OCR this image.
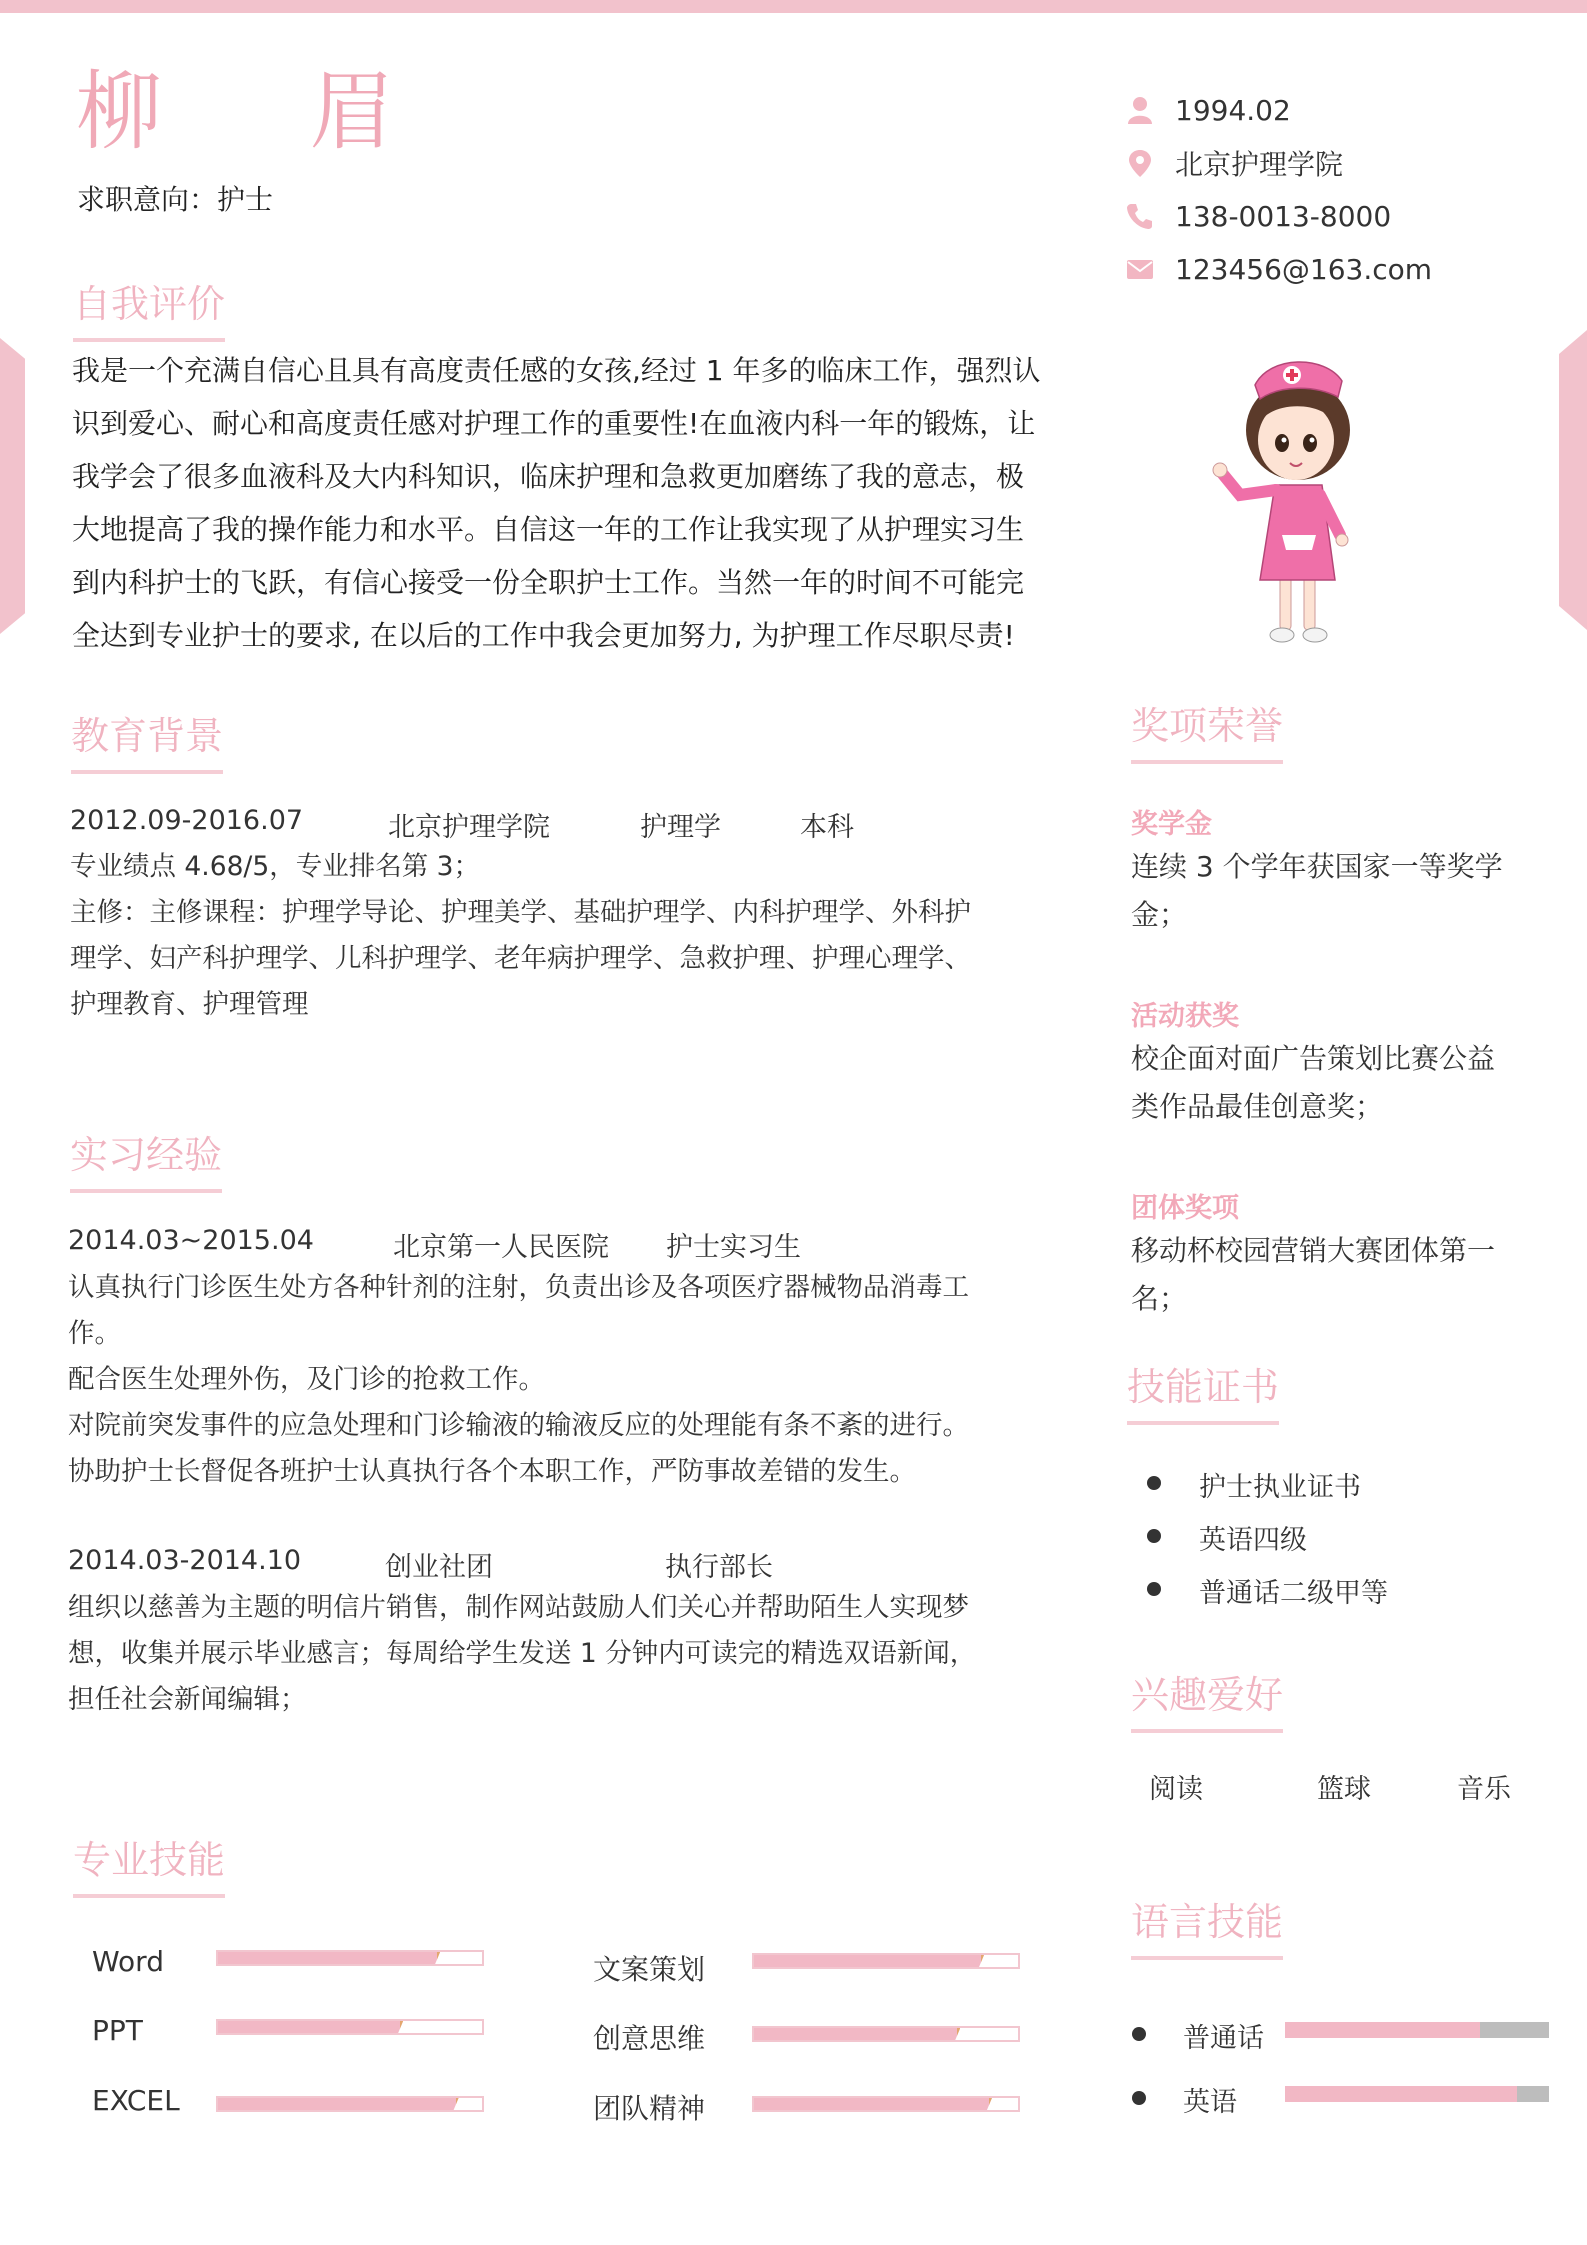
柳 眉
求职意向：护士
1994.02
北京护理学院
138-0013-8000
123456@163.com
自我评价
我是一个充满自信心且具有高度责任感的女孩,经过 1 年多的临床工作，强烈认
识到爱心、耐心和高度责任感对护理工作的重要性!在血液内科一年的锻炼，让
我学会了很多血液科及大内科知识，临床护理和急救更加磨练了我的意志，极
大地提高了我的操作能力和水平。自信这一年的工作让我实现了从护理实习生
到内科护士的飞跃，有信心接受一份全职护士工作。当然一年的时间不可能完
全达到专业护士的要求, 在以后的工作中我会更加努力, 为护理工作尽职尽责!
教育背景
2012.09-2016.07	北京护理学院	护理学	本科
专业绩点 4.68/5，专业排名第 3；
主修：主修课程：护理学导论、护理美学、基础护理学、内科护理学、外科护
理学、妇产科护理学、儿科护理学、老年病护理学、急救护理、护理心理学、
护理教育、护理管理
实习经验
2014.03~2015.04	北京第一人民医院 护士实习生
认真执行门诊医生处方各种针剂的注射，负责出诊及各项医疗器械物品消毒工
作。
配合医生处理外伤，及门诊的抢救工作。
对院前突发事件的应急处理和门诊输液的输液反应的处理能有条不紊的进行。
协助护士长督促各班护士认真执行各个本职工作，严防事故差错的发生。
2014.03-2014.10	创业社团	执行部长
组织以慈善为主题的明信片销售，制作网站鼓励人们关心并帮助陌生人实现梦
想，收集并展示毕业感言；每周给学生发送 1 分钟内可读完的精选双语新闻，
担任社会新闻编辑；
专业技能
Word
PPT
EXCEL
文案策划
创意思维
团队精神
奖项荣誉
奖学金
连续 3 个学年获国家一等奖学
金；
活动获奖
校企面对面广告策划比赛公益
类作品最佳创意奖；
团体奖项
移动杯校园营销大赛团体第一
名；
技能证书
护士执业证书
英语四级
普通话二级甲等
兴趣爱好
阅读	篮球	音乐
语言技能
普通话
英语
